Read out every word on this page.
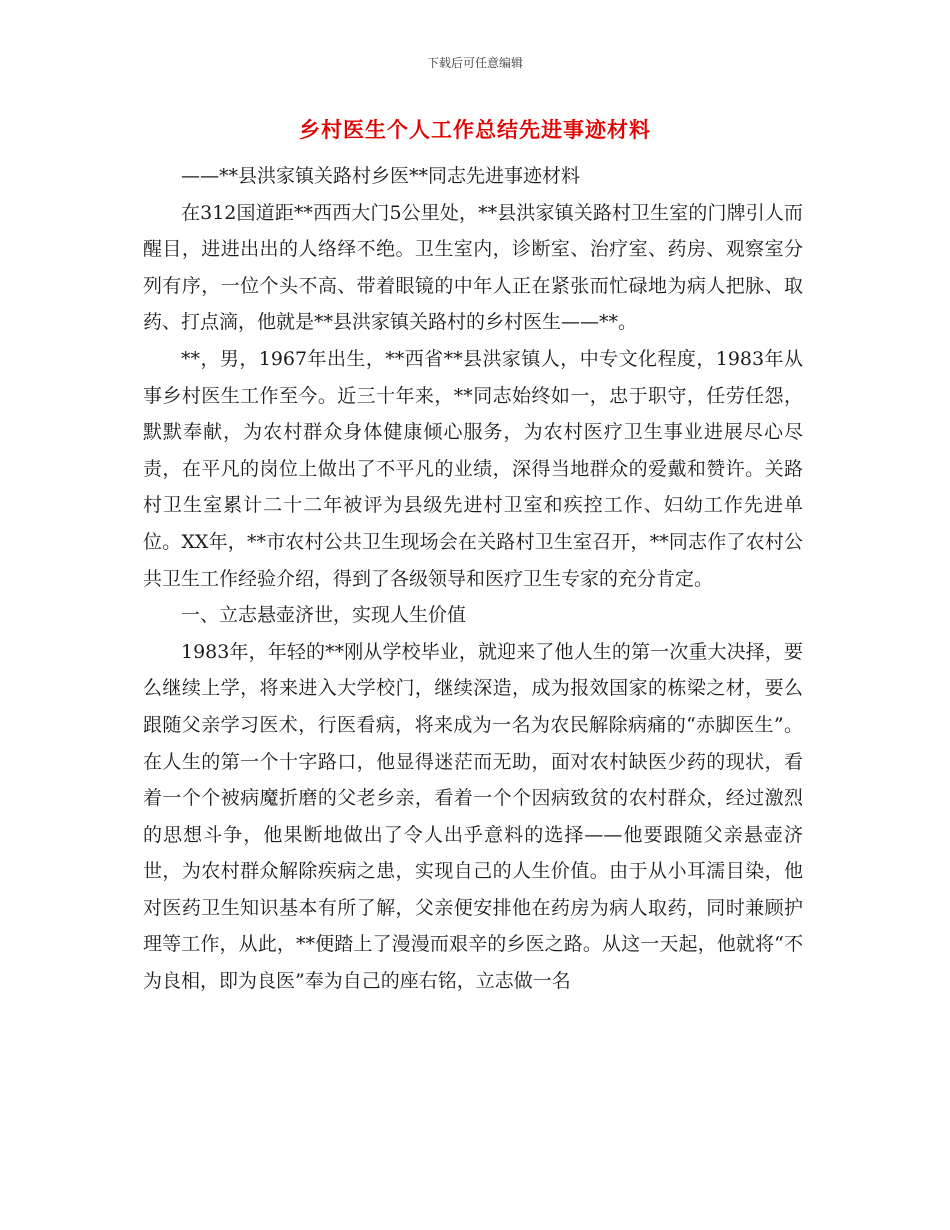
下载后可任意编辑
乡村医生个人工作总结先进事迹材料

——**县洪家镇关路村乡医**同志先进事迹材料

在312国道距**西西大门5公里处，**县洪家镇关路村卫生室的门牌引人而醒目，进进出出的人络绎不绝。卫生室内，诊断室、治疗室、药房、观察室分列有序，一位个头不高、带着眼镜的中年人正在紧张而忙碌地为病人把脉、取药、打点滴，他就是**县洪家镇关路村的乡村医生——**。

**，男，1967年出生，**西省**县洪家镇人，中专文化程度，1983年从事乡村医生工作至今。近三十年来，**同志始终如一，忠于职守，任劳任怨，默默奉献，为农村群众身体健康倾心服务，为农村医疗卫生事业进展尽心尽责，在平凡的岗位上做出了不平凡的业绩，深得当地群众的爱戴和赞许。关路村卫生室累计二十二年被评为县级先进村卫室和疾控工作、妇幼工作先进单位。XX年，**市农村公共卫生现场会在关路村卫生室召开，**同志作了农村公共卫生工作经验介绍，得到了各级领导和医疗卫生专家的充分肯定。

一、立志悬壶济世，实现人生价值

1983年，年轻的**刚从学校毕业，就迎来了他人生的第一次重大决择，要么继续上学，将来进入大学校门，继续深造，成为报效国家的栋梁之材，要么跟随父亲学习医术，行医看病，将来成为一名为农民解除病痛的“赤脚医生”。在人生的第一个十字路口，他显得迷茫而无助，面对农村缺医少药的现状，看着一个个被病魔折磨的父老乡亲，看着一个个因病致贫的农村群众，经过激烈的思想斗争，他果断地做出了令人出乎意料的选择——他要跟随父亲悬壶济世，为农村群众解除疾病之患，实现自己的人生价值。由于从小耳濡目染，他对医药卫生知识基本有所了解，父亲便安排他在药房为病人取药，同时兼顾护理等工作，从此，**便踏上了漫漫而艰辛的乡医之路。从这一天起，他就将“不为良相，即为良医”奉为自己的座右铭，立志做一名
